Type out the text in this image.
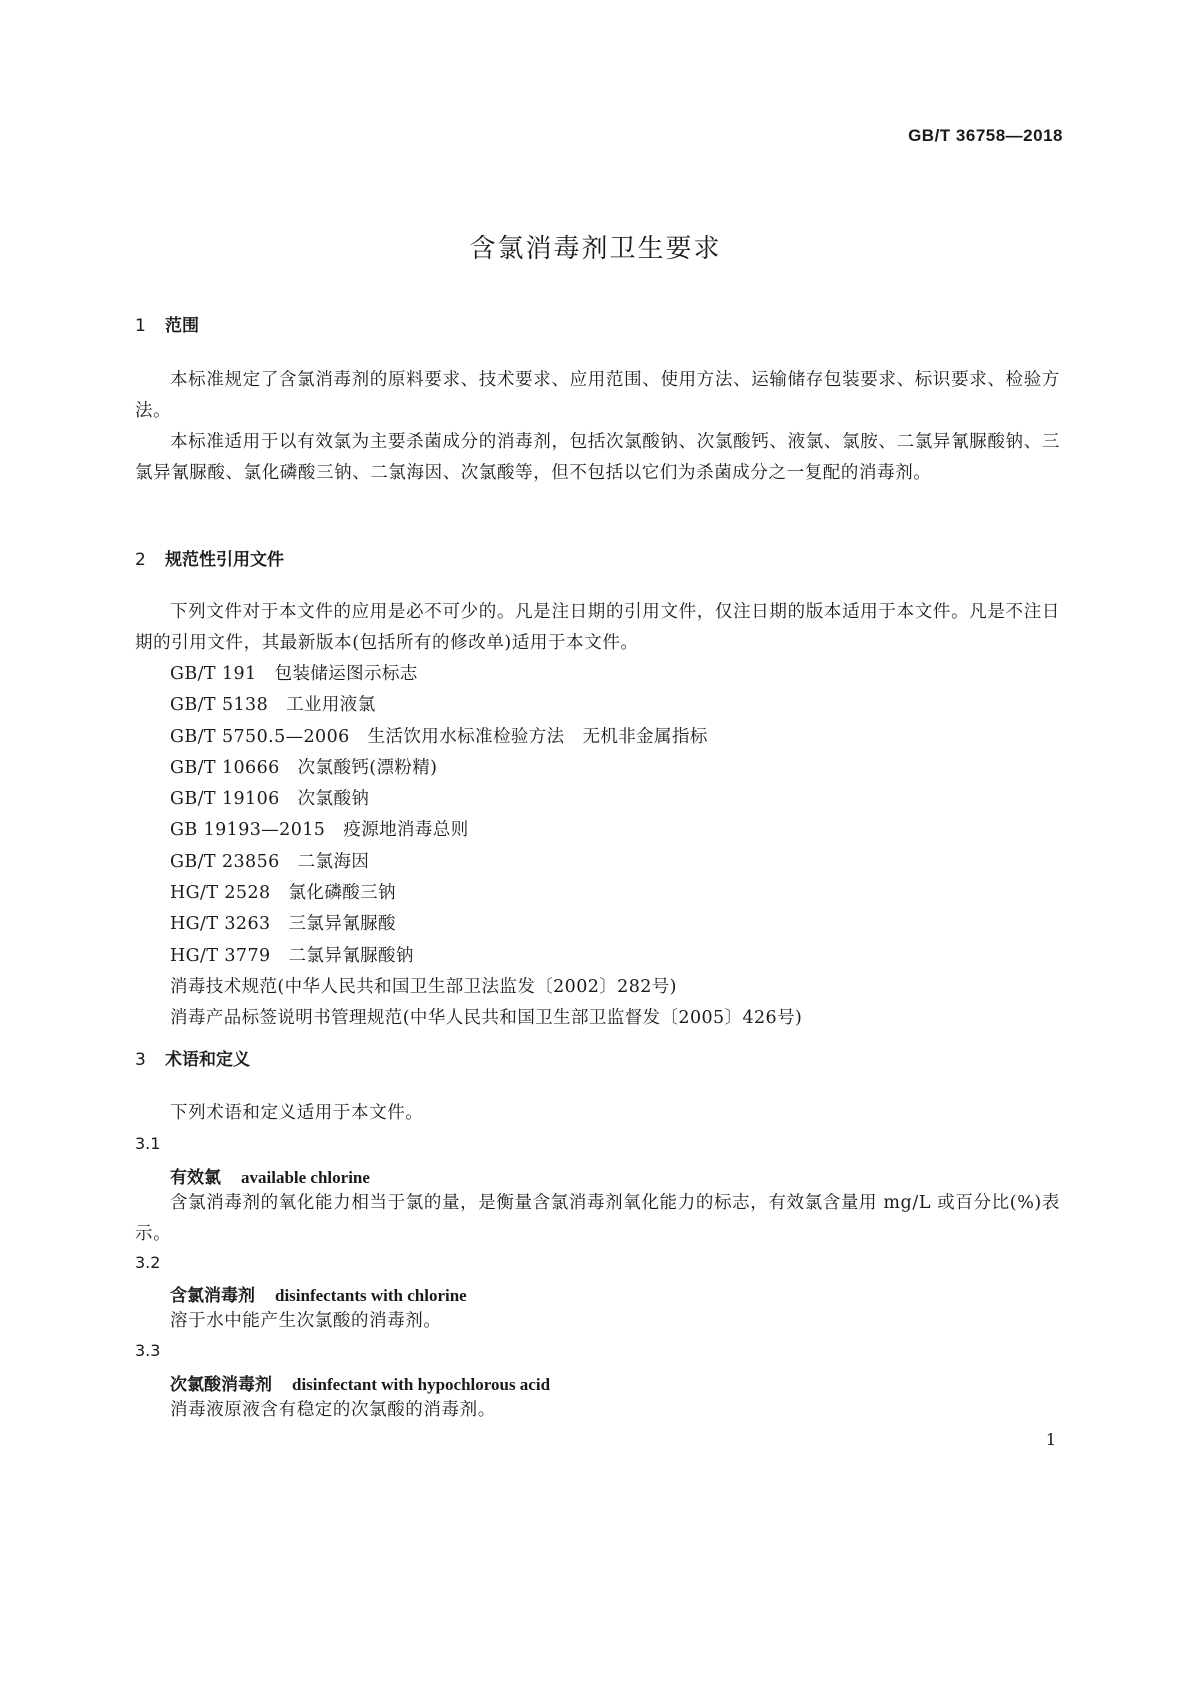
GB/T 36758—2018
含氯消毒剂卫生要求
1 范围

本标准规定了含氯消毒剂的原料要求、技术要求、应用范围、使用方法、运输储存包装要求、标识要求、检验方法。

本标准适用于以有效氯为主要杀菌成分的消毒剂，包括次氯酸钠、次氯酸钙、液氯、氯胺、二氯异氰脲酸钠、三氯异氰脲酸、氯化磷酸三钠、二氯海因、次氯酸等，但不包括以它们为杀菌成分之一复配的消毒剂。

2 规范性引用文件

下列文件对于本文件的应用是必不可少的。凡是注日期的引用文件，仅注日期的版本适用于本文件。凡是不注日期的引用文件，其最新版本(包括所有的修改单)适用于本文件。

GB/T 191 包装储运图示标志
GB/T 5138 工业用液氯
GB/T 5750.5—2006 生活饮用水标准检验方法　无机非金属指标
GB/T 10666 次氯酸钙(漂粉精)
GB/T 19106 次氯酸钠
GB 19193—2015 疫源地消毒总则
GB/T 23856 二氯海因
HG/T 2528 氯化磷酸三钠
HG/T 3263 三氯异氰脲酸
HG/T 3779 二氯异氰脲酸钠
消毒技术规范(中华人民共和国卫生部卫法监发〔2002〕282号)
消毒产品标签说明书管理规范(中华人民共和国卫生部卫监督发〔2005〕426号)
3 术语和定义

下列术语和定义适用于本文件。

3.1
有效氯 available chlorine

含氯消毒剂的氧化能力相当于氯的量，是衡量含氯消毒剂氧化能力的标志，有效氯含量用 mg/L 或百分比(%)表示。

3.2
含氯消毒剂 disinfectants with chlorine

溶于水中能产生次氯酸的消毒剂。

3.3
次氯酸消毒剂 disinfectant with hypochlorous acid

消毒液原液含有稳定的次氯酸的消毒剂。

1
